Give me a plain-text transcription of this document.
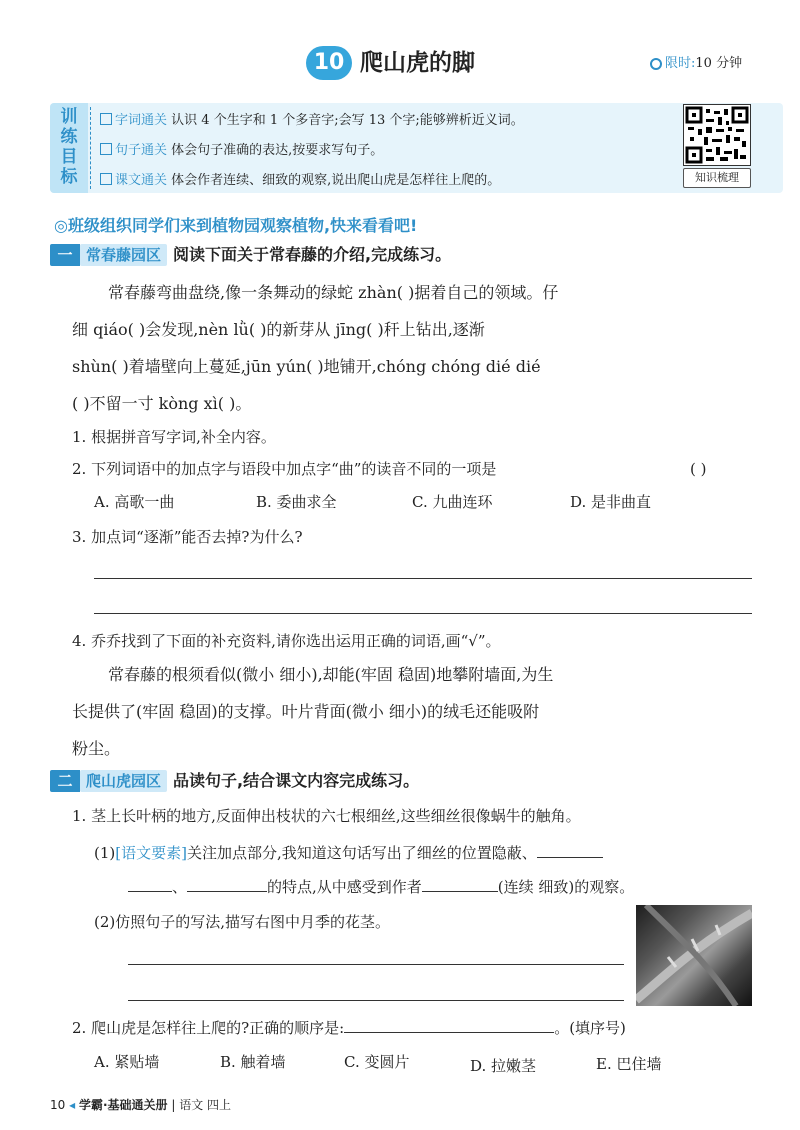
10 爬山虎的脚	限时:10 分钟
训练目标
字词通关 认识 4 个生字和 1 个多音字;会写 13 个字;能够辨析近义词。
句子通关 体会句子准确的表达,按要求写句子。
课文通关 体会作者连续、细致的观察,说出爬山虎是怎样往上爬的。	知识梳理
◎班级组织同学们来到植物园观察植物,快来看看吧!
一 常春藤园区 阅读下面关于常春藤的介绍,完成练习。
常春藤弯曲盘绕,像一条舞动的绿蛇 zhàn( )据着自己的领域。仔
细 qiáo( )会发现,nèn lǜ( )的新芽从 jīng( )秆上钻出,逐渐
shùn( )着墙壁向上蔓延,jūn yún( )地铺开,chóng chóng dié dié
( )不留一寸 kòng xì( )。
1. 根据拼音写字词,补全内容。
2. 下列词语中的加点字与语段中加点字“曲”的读音不同的一项是	( )
A. 高歌一曲	B. 委曲求全	C. 九曲连环	D. 是非曲直
3. 加点词“逐渐”能否去掉?为什么?
4. 乔乔找到了下面的补充资料,请你选出运用正确的词语,画“√”。
常春藤的根须看似(微小 细小),却能(牢固 稳固)地攀附墙面,为生
长提供了(牢固 稳固)的支撑。叶片背面(微小 细小)的绒毛还能吸附
粉尘。
二 爬山虎园区 品读句子,结合课文内容完成练习。
1. 茎上长叶柄的地方,反面伸出枝状的六七根细丝,这些细丝很像蜗牛的触角。
(1)[语文要素]关注加点部分,我知道这句话写出了细丝的位置隐蔽、
、	的特点,从中感受到作者	(连续 细致)的观察。
(2)仿照句子的写法,描写右图中月季的花茎。
2. 爬山虎是怎样往上爬的?正确的顺序是:	。(填序号)
A. 紧贴墙	B. 触着墙	C. 变圆片	D. 拉嫩茎	E. 巴住墙
10 ◂ 学霸·基础通关册 | 语文 四上
